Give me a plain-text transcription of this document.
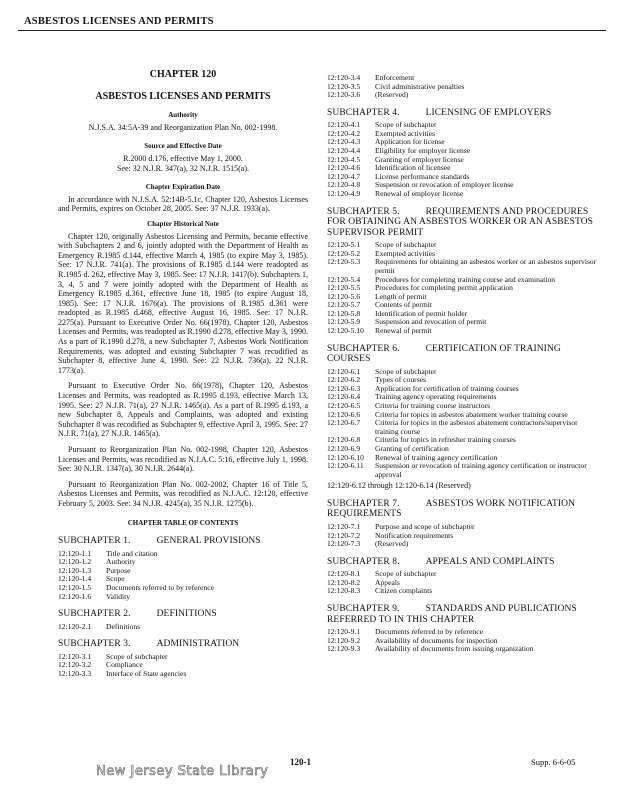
ASBESTOS LICENSES AND PERMITS
CHAPTER 120
ASBESTOS LICENSES AND PERMITS
Authority
N.J.S.A. 34:5A-39 and Reorganization Plan No. 002-1998.
Source and Effective Date
R.2000 d.176, effective May 1, 2000.
See: 32 N.J.R. 347(a), 32 N.J.R. 1515(a).
Chapter Expiration Date

In accordance with N.J.S.A. 52:14B-5.1c, Chapter 120, Asbestos Licenses and Permits, expires on October 28, 2005. See: 37 N.J.R. 1933(a).

Chapter Historical Note

Chapter 120, originally Asbestos Licensing and Permits, became effective with Subchapters 2 and 6, jointly adopted with the Department of Health as Emergency R.1985 d.144, effective March 4, 1985 (to expire May 3, 1985). See: 17 N.J.R. 741(a). The provisions of R.1985 d.144 were readopted as R.1985 d. 262, effective May 3, 1985. See: 17 N.J.R. 1417(b). Subchapters 1, 3, 4, 5 and 7 were jointly adopted with the Department of Health as Emergency R.1985 d.361, effective June 18, 1985 (to expire August 18, 1985). See: 17 N.J.R. 1676(a). The provisions of R.1985 d.361 were readopted as R.1985 d.468, effective August 16, 1985. See: 17 N.J.R. 2275(a). Pursuant to Executive Order No. 66(1978), Chapter 120, Asbestos Licenses and Permits, was readopted as R.1990 d.278, effective May 3, 1990. As a part of R.1990 d.278, a new Subchapter 7, Asbestos Work Notification Requirements, was adopted and existing Subchapter 7 was recodified as Subchapter 8, effective June 4, 1990. See: 22 N.J.R. 736(a), 22 N.J.R. 1773(a).

Pursuant to Executive Order No. 66(1978), Chapter 120, Asbestos Licenses and Permits, was readopted as R.1995 d.193, effective March 13, 1995. See: 27 N.J.R. 71(a), 27 N.J.R. 1465(a). As a part of R.1995 d.193, a new Subchapter 8, Appeals and Complaints, was adopted and existing Subchapter 8 was recodified as Subchapter 9, effective April 3, 1995. See: 27 N.J.R. 71(a), 27 N.J.R. 1465(a).

Pursuant to Reorganization Plan No. 002-1998, Chapter 120, Asbestos Licenses and Permits, was recodified as N.J.A.C. 5:16, effective July 1, 1998. See: 30 N.J.R. 1347(a), 30 N.J.R. 2644(a).

Pursuant to Reorganization Plan No. 002-2002, Chapter 16 of Title 5, Asbestos Licenses and Permits, was recodified as N.J.A.C. 12:120, effective February 5, 2003. See: 34 N.J.R. 4245(a), 35 N.J.R. 1275(b).

CHAPTER TABLE OF CONTENTS
SUBCHAPTER 1.	GENERAL PROVISIONS
12:120-1.1	Title and citation
12:120-1.2	Authority
12:120-1.3	Purpose
12:120-1.4	Scope
12:120-1.5	Documents referred to by reference
12:120-1.6	Validity
SUBCHAPTER 2.	DEFINITIONS
12:120-2.1	Definitions
SUBCHAPTER 3.	ADMINISTRATION
12:120-3.1	Scope of subchapter
12:120-3.2	Compliance
12:120-3.3	Interface of State agencies
12:120-3.4	Enforcement
12:120-3.5	Civil administrative penalties
12:120-3.6	(Reserved)
SUBCHAPTER 4.	LICENSING OF EMPLOYERS
12:120-4.1	Scope of subchapter
12:120-4.2	Exempted activities
12:120-4.3	Application for license
12:120-4.4	Eligibility for employer license
12:120-4.5	Granting of employer license
12:120-4.6	Identification of licensee
12:120-4.7	License performance standards
12:120-4.8	Suspension or revocation of employer license
12:120-4.9	Renewal of employer license
SUBCHAPTER 5.	REQUIREMENTS AND PROCEDURES FOR OBTAINING AN ASBESTOS WORKER OR AN ASBESTOS SUPERVISOR PERMIT
12:120-5.1	Scope of subchapter
12:120-5.2	Exempted activities
12:120-5.3	Requirements for obtaining an asbestos worker or an asbestos supervisor permit
12:120-5.4	Procedures for completing training course and examination
12:120-5.5	Procedures for completing permit application
12:120-5.6	Length of permit
12:120-5.7	Contents of permit
12:120-5.8	Identification of permit holder
12:120-5.9	Suspension and revocation of permit
12:120-5.10	Renewal of permit
SUBCHAPTER 6.	CERTIFICATION OF TRAINING COURSES
12:120-6.1	Scope of subchapter
12:120-6.2	Types of courses
12:120-6.3	Application for certification of training courses
12:120-6.4	Training agency operating requirements
12:120-6.5	Criteria for training course instructors
12:120-6.6	Criteria for topics in asbestos abatement worker training course
12:120-6.7	Criteria for topics in the asbestos abatement contractors/supervisor training course
12:120-6.8	Criteria for topics in refresher training courses
12:120-6.9	Granting of certification
12:120-6.10	Renewal of training agency certification
12:120-6.11	Suspension or revocation of training agency certification or instructor approval
12:120-6.12 through 12:120-6.14 (Reserved)
SUBCHAPTER 7.	ASBESTOS WORK NOTIFICATION REQUIREMENTS
12:120-7.1	Purpose and scope of subchapter
12:120-7.2	Notification requirements
12:120-7.3	(Reserved)
SUBCHAPTER 8.	APPEALS AND COMPLAINTS
12:120-8.1	Scope of subchapter
12:120-8.2	Appeals
12:120-8.3	Citizen complaints
SUBCHAPTER 9.	STANDARDS AND PUBLICATIONS REFERRED TO IN THIS CHAPTER
12:120-9.1	Documents referred to by reference
12:120-9.2	Availability of documents for inspection
12:120-9.3	Availability of documents from issuing organization
120-1	Supp. 6-6-05
New Jersey State Library
